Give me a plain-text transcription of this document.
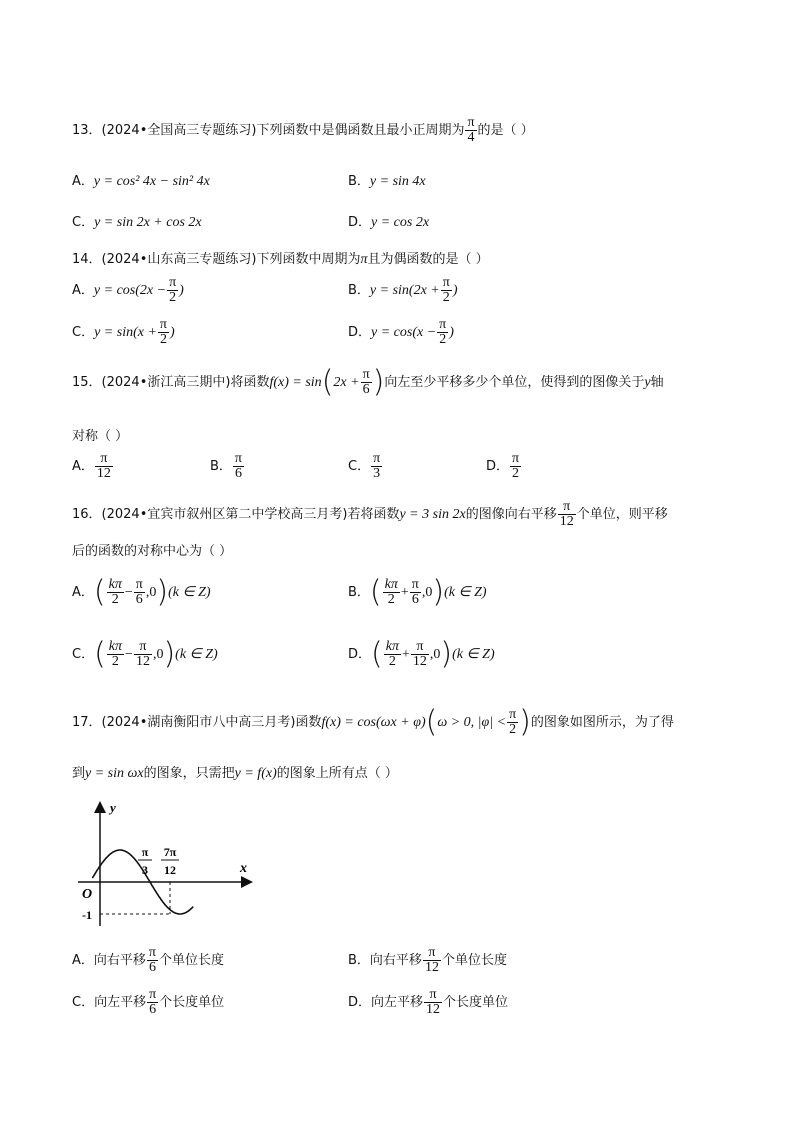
13．(2024•全国高三专题练习)下列函数中是偶函数且最小正周期为 $\frac{\pi}{4}$ 的是（ ）
A．y = cos² 4x − sin² 4x	B．y = sin 4x
C．y = sin 2x + cos 2x	D．y = cos 2x
14．(2024•山东高三专题练习)下列函数中周期为π且为偶函数的是（ ）
A．$y = \cos(2x - \frac{\pi}{2}$ )	B．$y = \sin(2x + \frac{\pi}{2}$ )
C．$y = \sin(x + \frac{\pi}{2}$ )	D．$y = \cos(x - \frac{\pi}{2}$ )
15．(2024•浙江高三期中)将函数$f(x) = \sin(2x + \frac{\pi}{6}$ )向左至少平移多少个单位，使得到的图像关于y轴
对称（ ）
A． $\frac{\pi}{12}$	B． $\frac{\pi}{6}$	C． $\frac{\pi}{3}$	D． $\frac{\pi}{2}$
16．(2024•宜宾市叙州区第二中学校高三月考)若将函数y = 3 sin 2x的图像向右平移 $\frac{\pi}{12}$ 个单位，则平移
后的函数的对称中心为（ ）
A．( $\frac{k\pi}{2} - \frac{\pi}{6} ,0)(k$ ∈ Z)	B．( $\frac{k\pi}{2} + \frac{\pi}{6} ,0)(k$ ∈ Z)
C．( $\frac{k\pi}{2} - \frac{\pi}{12} ,0)(k$ ∈ Z)	D．( $\frac{k\pi}{2} + \frac{\pi}{12} ,0)(k$ ∈ Z)
17．(2024•湖南衡阳市八中高三月考)函数f(x) = cos(ωx + φ)(ω > 0, $|\varphi| < \frac{\pi}{2}$ )的图象如图所示，为了得
到y = sin ωx的图象，只需把y = f(x)的图象上所有点（ ）
y
x
O
-1
π
3
7π
12
A．向右平移 $\frac{\pi}{6}$ 个单位长度	B．向右平移 $\frac{\pi}{12}$ 个单位长度
C．向左平移 $\frac{\pi}{6}$ 个长度单位	D．向左平移 $\frac{\pi}{12}$ 个长度单位
